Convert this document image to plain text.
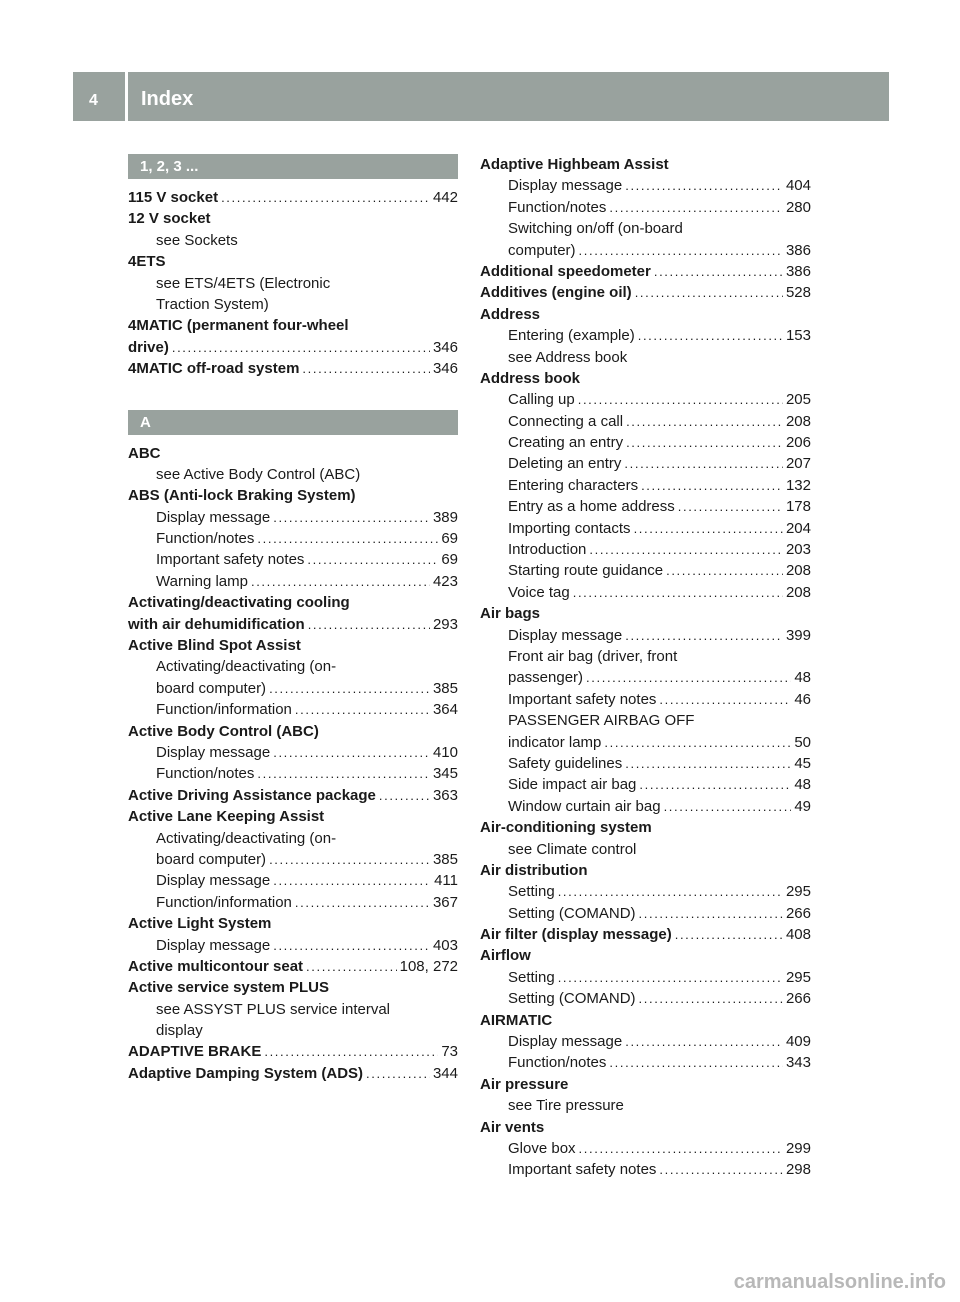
4 Index
1, 2, 3 ...
115 V socket . . .	442
12 V socket
see Sockets
4ETS
see ETS/4ETS (Electronic
Traction System)
4MATIC (permanent four-wheel
drive) . . .	346
4MATIC off-road system . . .	346
A
ABC
see Active Body Control (ABC)
ABS (Anti-lock Braking System)
Display message . . .	389
Function/notes . . .	69
Important safety notes . . .	69
Warning lamp . . .	423
Activating/deactivating cooling
with air dehumidification . . .	293
Active Blind Spot Assist
Activating/deactivating (on-
board computer) . . .	385
Function/information . . .	364
Active Body Control (ABC)
Display message . . .	410
Function/notes . . .	345
Active Driving Assistance package . . .	363
Active Lane Keeping Assist
Activating/deactivating (on-
board computer) . . .	385
Display message . . .	411
Function/information . . .	367
Active Light System
Display message . . .	403
Active multicontour seat . . .	108, 272
Active service system PLUS
see ASSYST PLUS service interval
display
ADAPTIVE BRAKE . . .	73
Adaptive Damping System (ADS) . . .	344
Adaptive Highbeam Assist
Display message . . .	404
Function/notes . . .	280
Switching on/off (on-board
computer) . . .	386
Additional speedometer . . .	386
Additives (engine oil) . . .	528
Address
Entering (example) . . .	153
see Address book
Address book
Calling up . . .	205
Connecting a call . . .	208
Creating an entry . . .	206
Deleting an entry . . .	207
Entering characters . . .	132
Entry as a home address . . .	178
Importing contacts . . .	204
Introduction . . .	203
Starting route guidance . . .	208
Voice tag . . .	208
Air bags
Display message . . .	399
Front air bag (driver, front
passenger) . . .	48
Important safety notes . . .	46
PASSENGER AIRBAG OFF
indicator lamp . . .	50
Safety guidelines . . .	45
Side impact air bag . . .	48
Window curtain air bag . . .	49
Air-conditioning system
see Climate control
Air distribution
Setting . . .	295
Setting (COMAND) . . .	266
Air filter (display message) . . .	408
Airflow
Setting . . .	295
Setting (COMAND) . . .	266
AIRMATIC
Display message . . .	409
Function/notes . . .	343
Air pressure
see Tire pressure
Air vents
Glove box . . .	299
Important safety notes . . .	298
carmanualsonline.info
